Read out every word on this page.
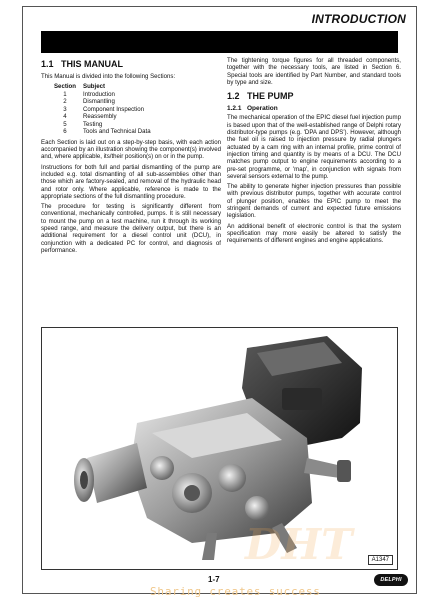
INTRODUCTION
1.1 THIS MANUAL

This Manual is divided into the following Sections:

Section	Subject
1	Introduction
2	Dismantling
3	Component Inspection
4	Reassembly
5	Testing
6	Tools and Technical Data

Each Section is laid out on a step-by-step basis, with each action accompanied by an illustration showing the component(s) involved and, where applicable, its/their position(s) on or in the pump.

Instructions for both full and partial dismantling of the pump are included e.g. total dismantling of all sub-assemblies other than those which are factory-sealed, and removal of the hydraulic head and rotor only. Where applicable, reference is made to the appropriate sections of the full dismantling procedure.

The procedure for testing is significantly different from conventional, mechanically controlled, pumps. It is still necessary to mount the pump on a test machine, run it through its working speed range, and measure the delivery output, but there is an additional requirement for a diesel control unit (DCU), in conjunction with a dedicated PC for control, and diagnosis of performance.

The tightening torque figures for all threaded components, together with the necessary tools, are listed in Section 6. Special tools are identified by Part Number, and standard tools by type and size.

1.2 THE PUMP
1.2.1 Operation

The mechanical operation of the EPIC diesel fuel injection pump is based upon that of the well-established range of Delphi rotary distributor-type pumps (e.g. 'DPA and DPS'). However, although the fuel oil is raised to injection pressure by radial plungers actuated by a cam ring with an internal profile, prime control of injection timing and quantity is by means of a DCU. The DCU matches pump output to engine requirements according to a pre-set programme, or 'map', in conjunction with signals from several sensors external to the pump.

The ability to generate higher injection pressures than possible with previous distributor pumps, together with accurate control of plunger position, enables the EPIC pump to meet the stringent demands of current and expected future emissions legislation.

An additional benefit of electronic control is that the system specification may more easily be altered to satisfy the requirements of different engines and engine applications.

A1347
1-7	DELPHI
DHT
Sharing creates success
